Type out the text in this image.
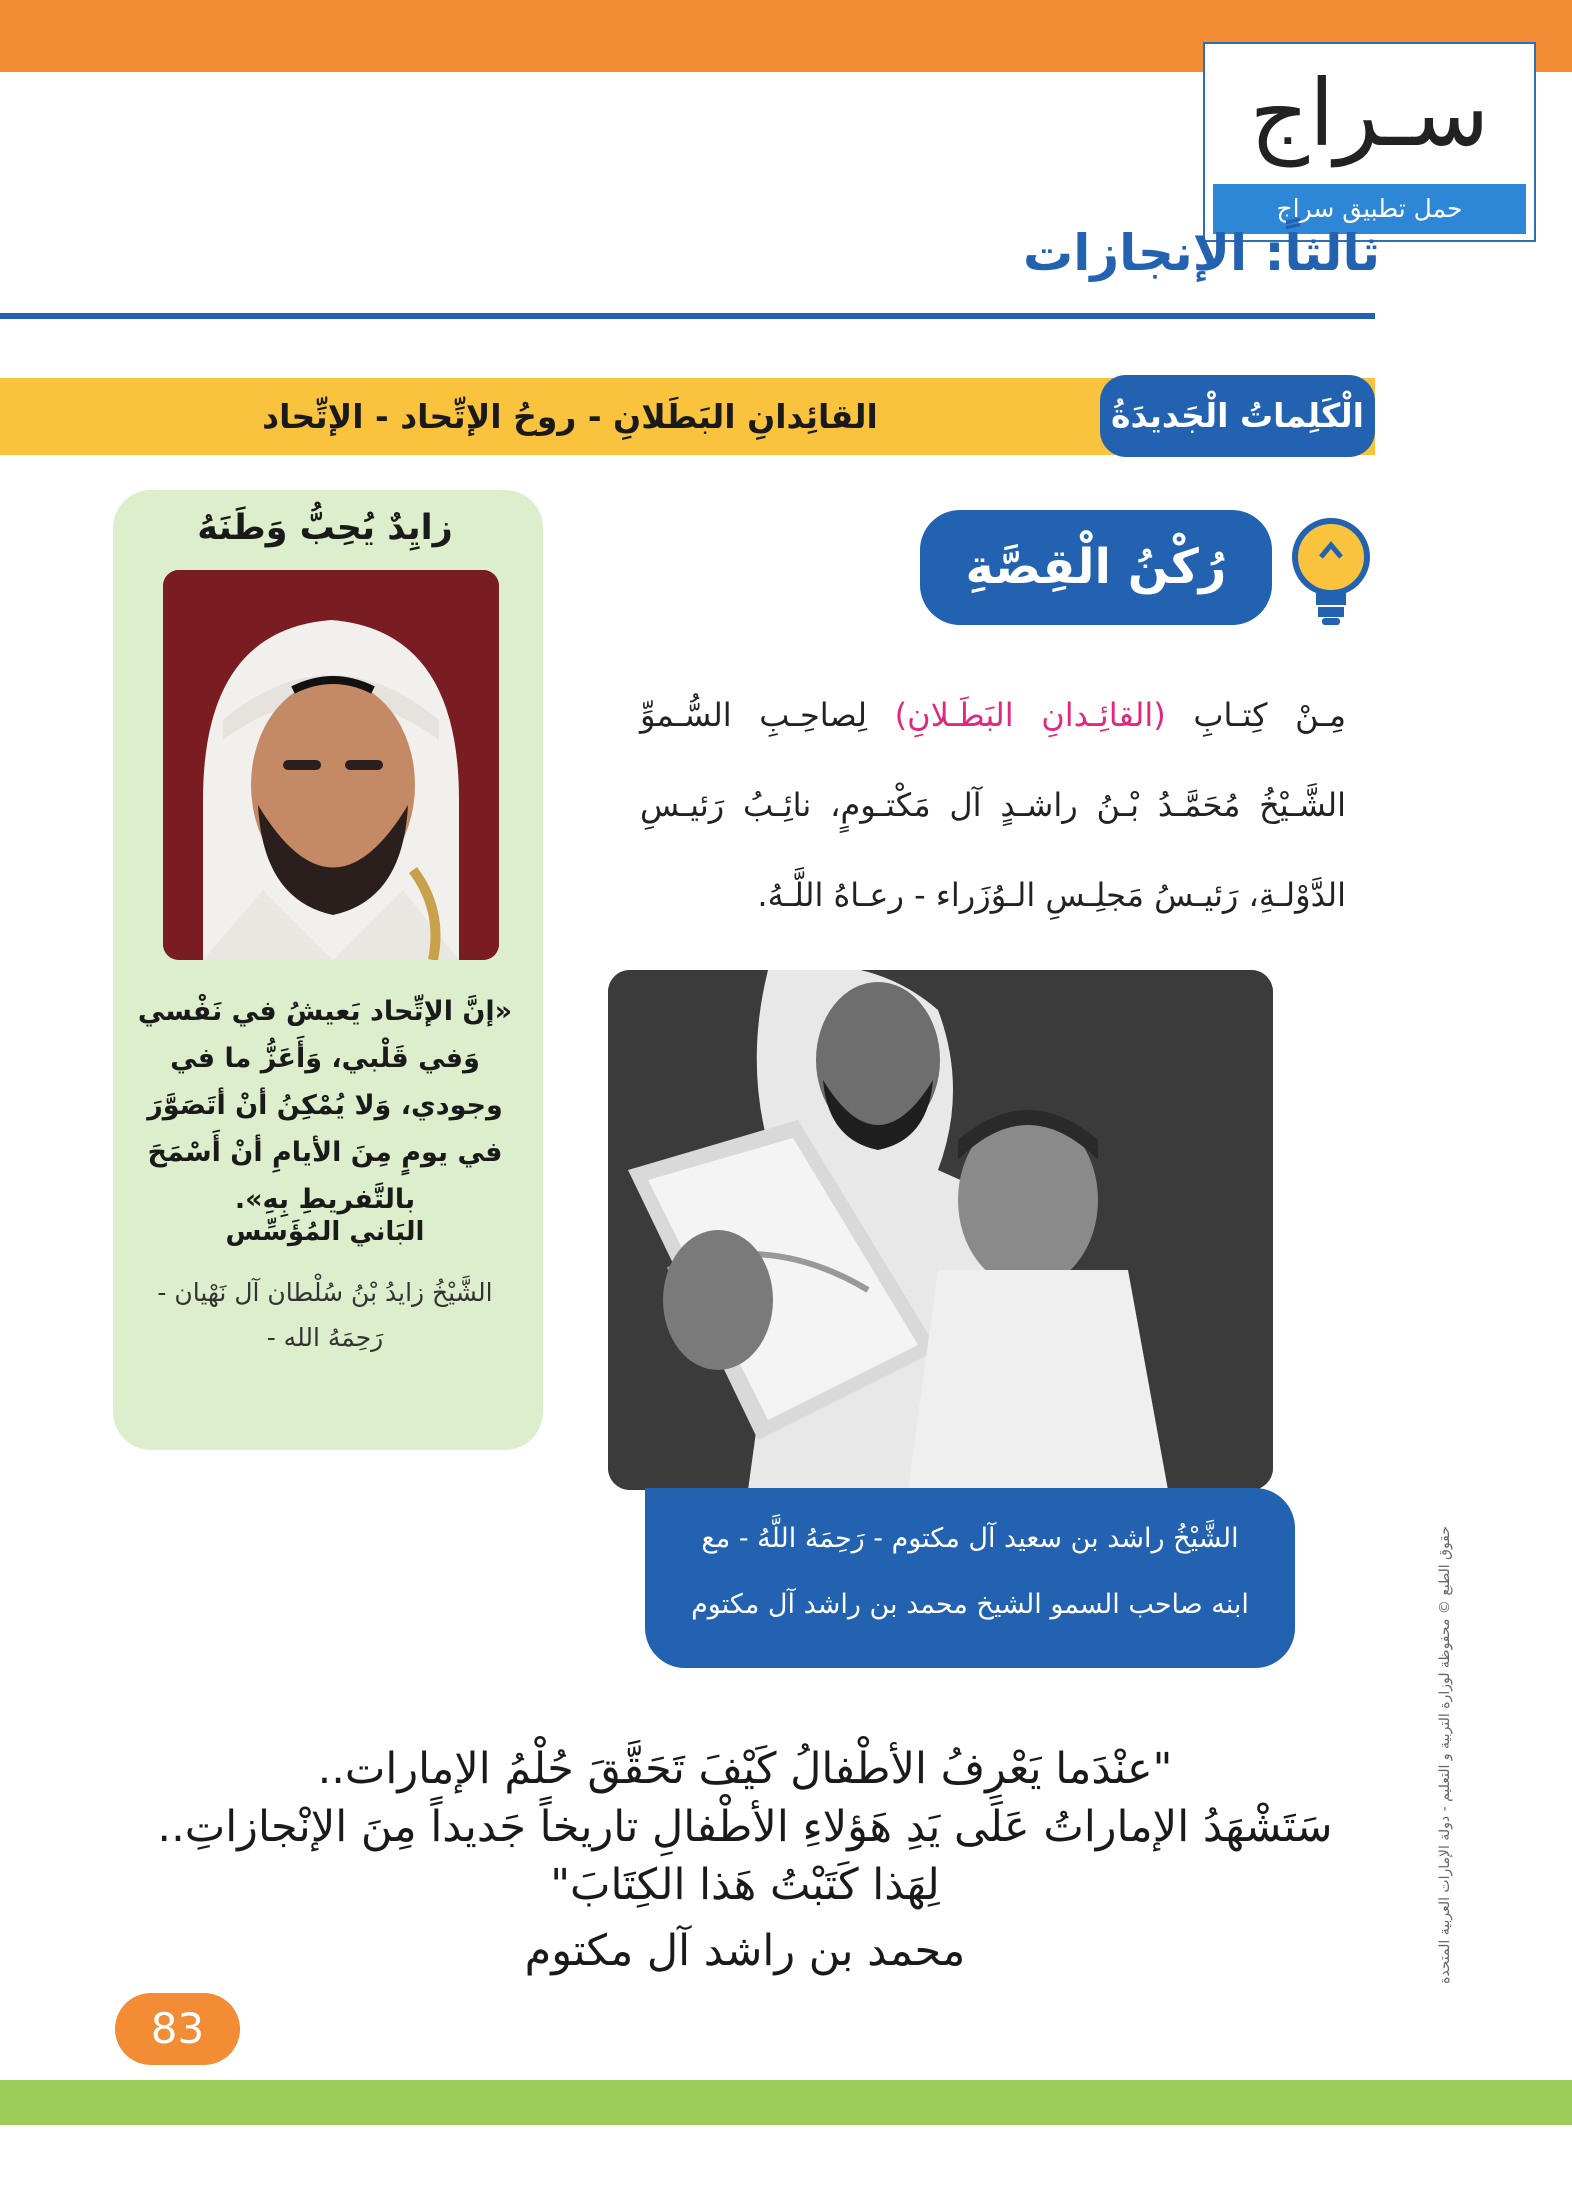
سـراج
حمل تطبيق سراج
ثالثاً: الإنجازات
الْكَلِماتُ الْجَديدَةُ
القائِدانِ البَطَلانِ - روحُ الإتِّحاد - الإتِّحاد
زايِدٌ يُحِبُّ وَطَنَهُ
«إنَّ الإتِّحاد يَعيشُ في نَفْسي وَفي قَلْبي، وَأَعَزُّ ما في وجودي، وَلا يُمْكِنُ أنْ أتَصَوَّرَ في يومٍ مِنَ الأيامِ أنْ أَسْمَحَ بالتَّفريطِ بِهِ».
البَاني المُؤَسِّس
الشَّيْخُ زايدُ بْنُ سُلْطان آل نَهْيان - رَحِمَهُ الله -
رُكْنُ الْقِصَّةِ
مِـنْ كِتـابِ (القائِـدانِ البَطَـلانِ) لِصاحِـبِ السُّـموِّ الشَّـيْخُ مُحَمَّـدُ بْـنُ راشـدٍ آل مَكْتـومٍ، نائِـبُ رَئيـسِ الدَّوْلـةِ، رَئيـسُ مَجلِـسِ الـوُزَراء - رعـاهُ اللَّـهُ.
الشَّيْخُ راشد بن سعيد آل مكتوم - رَحِمَهُ اللَّهُ - مع
ابنه صاحب السمو الشيخ محمد بن راشد آل مكتوم	حقوق الطبع © محفوظة لوزارة التربية و التعليم - دولة الإمارات العربية المتحدة
"عنْدَما يَعْرِفُ الأطْفالُ كَيْفَ تَحَقَّقَ حُلْمُ الإمارات..
سَتَشْهَدُ الإماراتُ عَلَى يَدِ هَؤلاءِ الأطْفالِ تاريخاً جَديداً مِنَ الإنْجازاتِ..
لِهَذا كَتَبْتُ هَذا الكِتَابَ"
محمد بن راشد آل مكتوم
83
